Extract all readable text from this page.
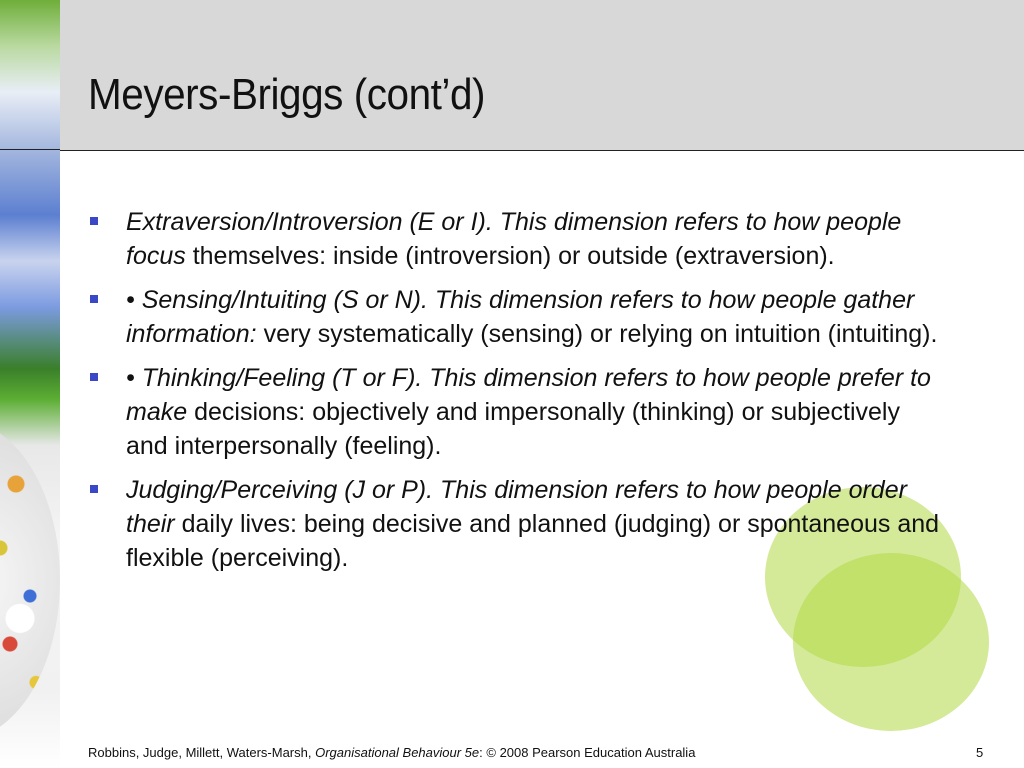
Meyers-Briggs (cont’d)
Extraversion/Introversion (E or I). This dimension refers to how people focus themselves: inside (introversion) or outside (extraversion).
• Sensing/Intuiting (S or N). This dimension refers to how people gather information: very systematically (sensing) or relying on intuition (intuiting).
• Thinking/Feeling (T or F). This dimension refers to how people prefer to make decisions: objectively and impersonally (thinking) or subjectively and interpersonally (feeling).
Judging/Perceiving (J or P). This dimension refers to how people order their daily lives: being decisive and planned (judging) or spontaneous and flexible (perceiving).
Robbins, Judge, Millett, Waters-Marsh, Organisational Behaviour 5e: © 2008 Pearson Education Australia	5
